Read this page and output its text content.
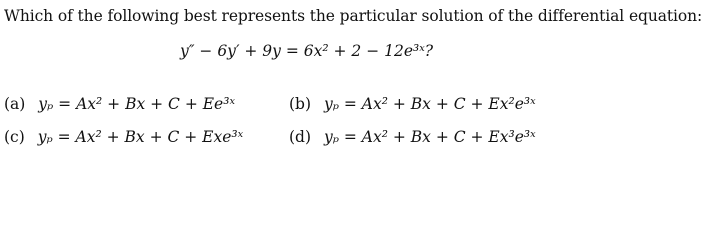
Which of the following best represents the particular solution of the differential equation:
y″ − 6y′ + 9y = 6x² + 2 − 12e³ˣ?
(a) yₚ = Ax² + Bx + C + Ee³ˣ	(b) yₚ = Ax² + Bx + C + Ex²e³ˣ
(c) yₚ = Ax² + Bx + C + Exe³ˣ	(d) yₚ = Ax² + Bx + C + Ex³e³ˣ
